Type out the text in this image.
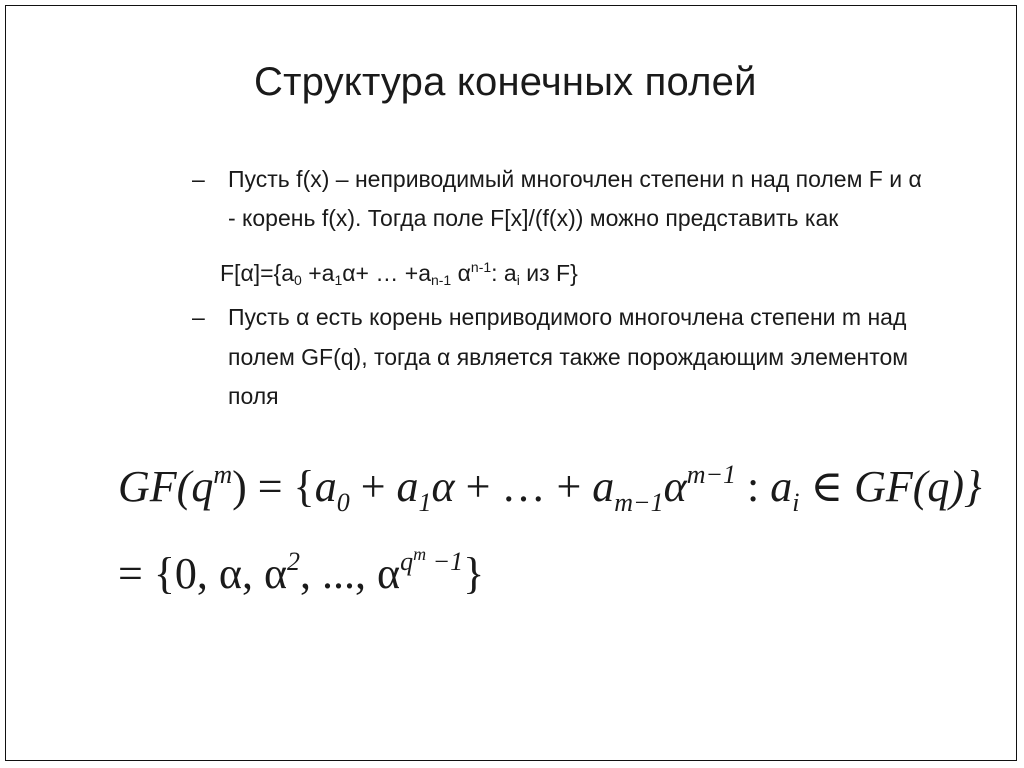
Структура конечных полей
– Пусть f(x) – неприводимый многочлен степени n над полем F и α
- корень f(x). Тогда поле F[x]/(f(x)) можно представить как
$F[\alpha]=\{a_0 +a_1\alpha+$ … $+a_{n-1}$ $\alpha^{n-1}$: $a_i$ из F}
– Пусть α есть корень неприводимого многочлена степени m над
полем GF(q), тогда α является также порождающим элементом
поля
$GF(q^m) = \{a_0 + a_1\alpha$ + … + $a_{m-1}\alpha^{m-1}$ : $a_i$ ∈ GF(q)}
= {0, α, $\alpha^2$, ..., $\alpha^{q^m -1}$}
